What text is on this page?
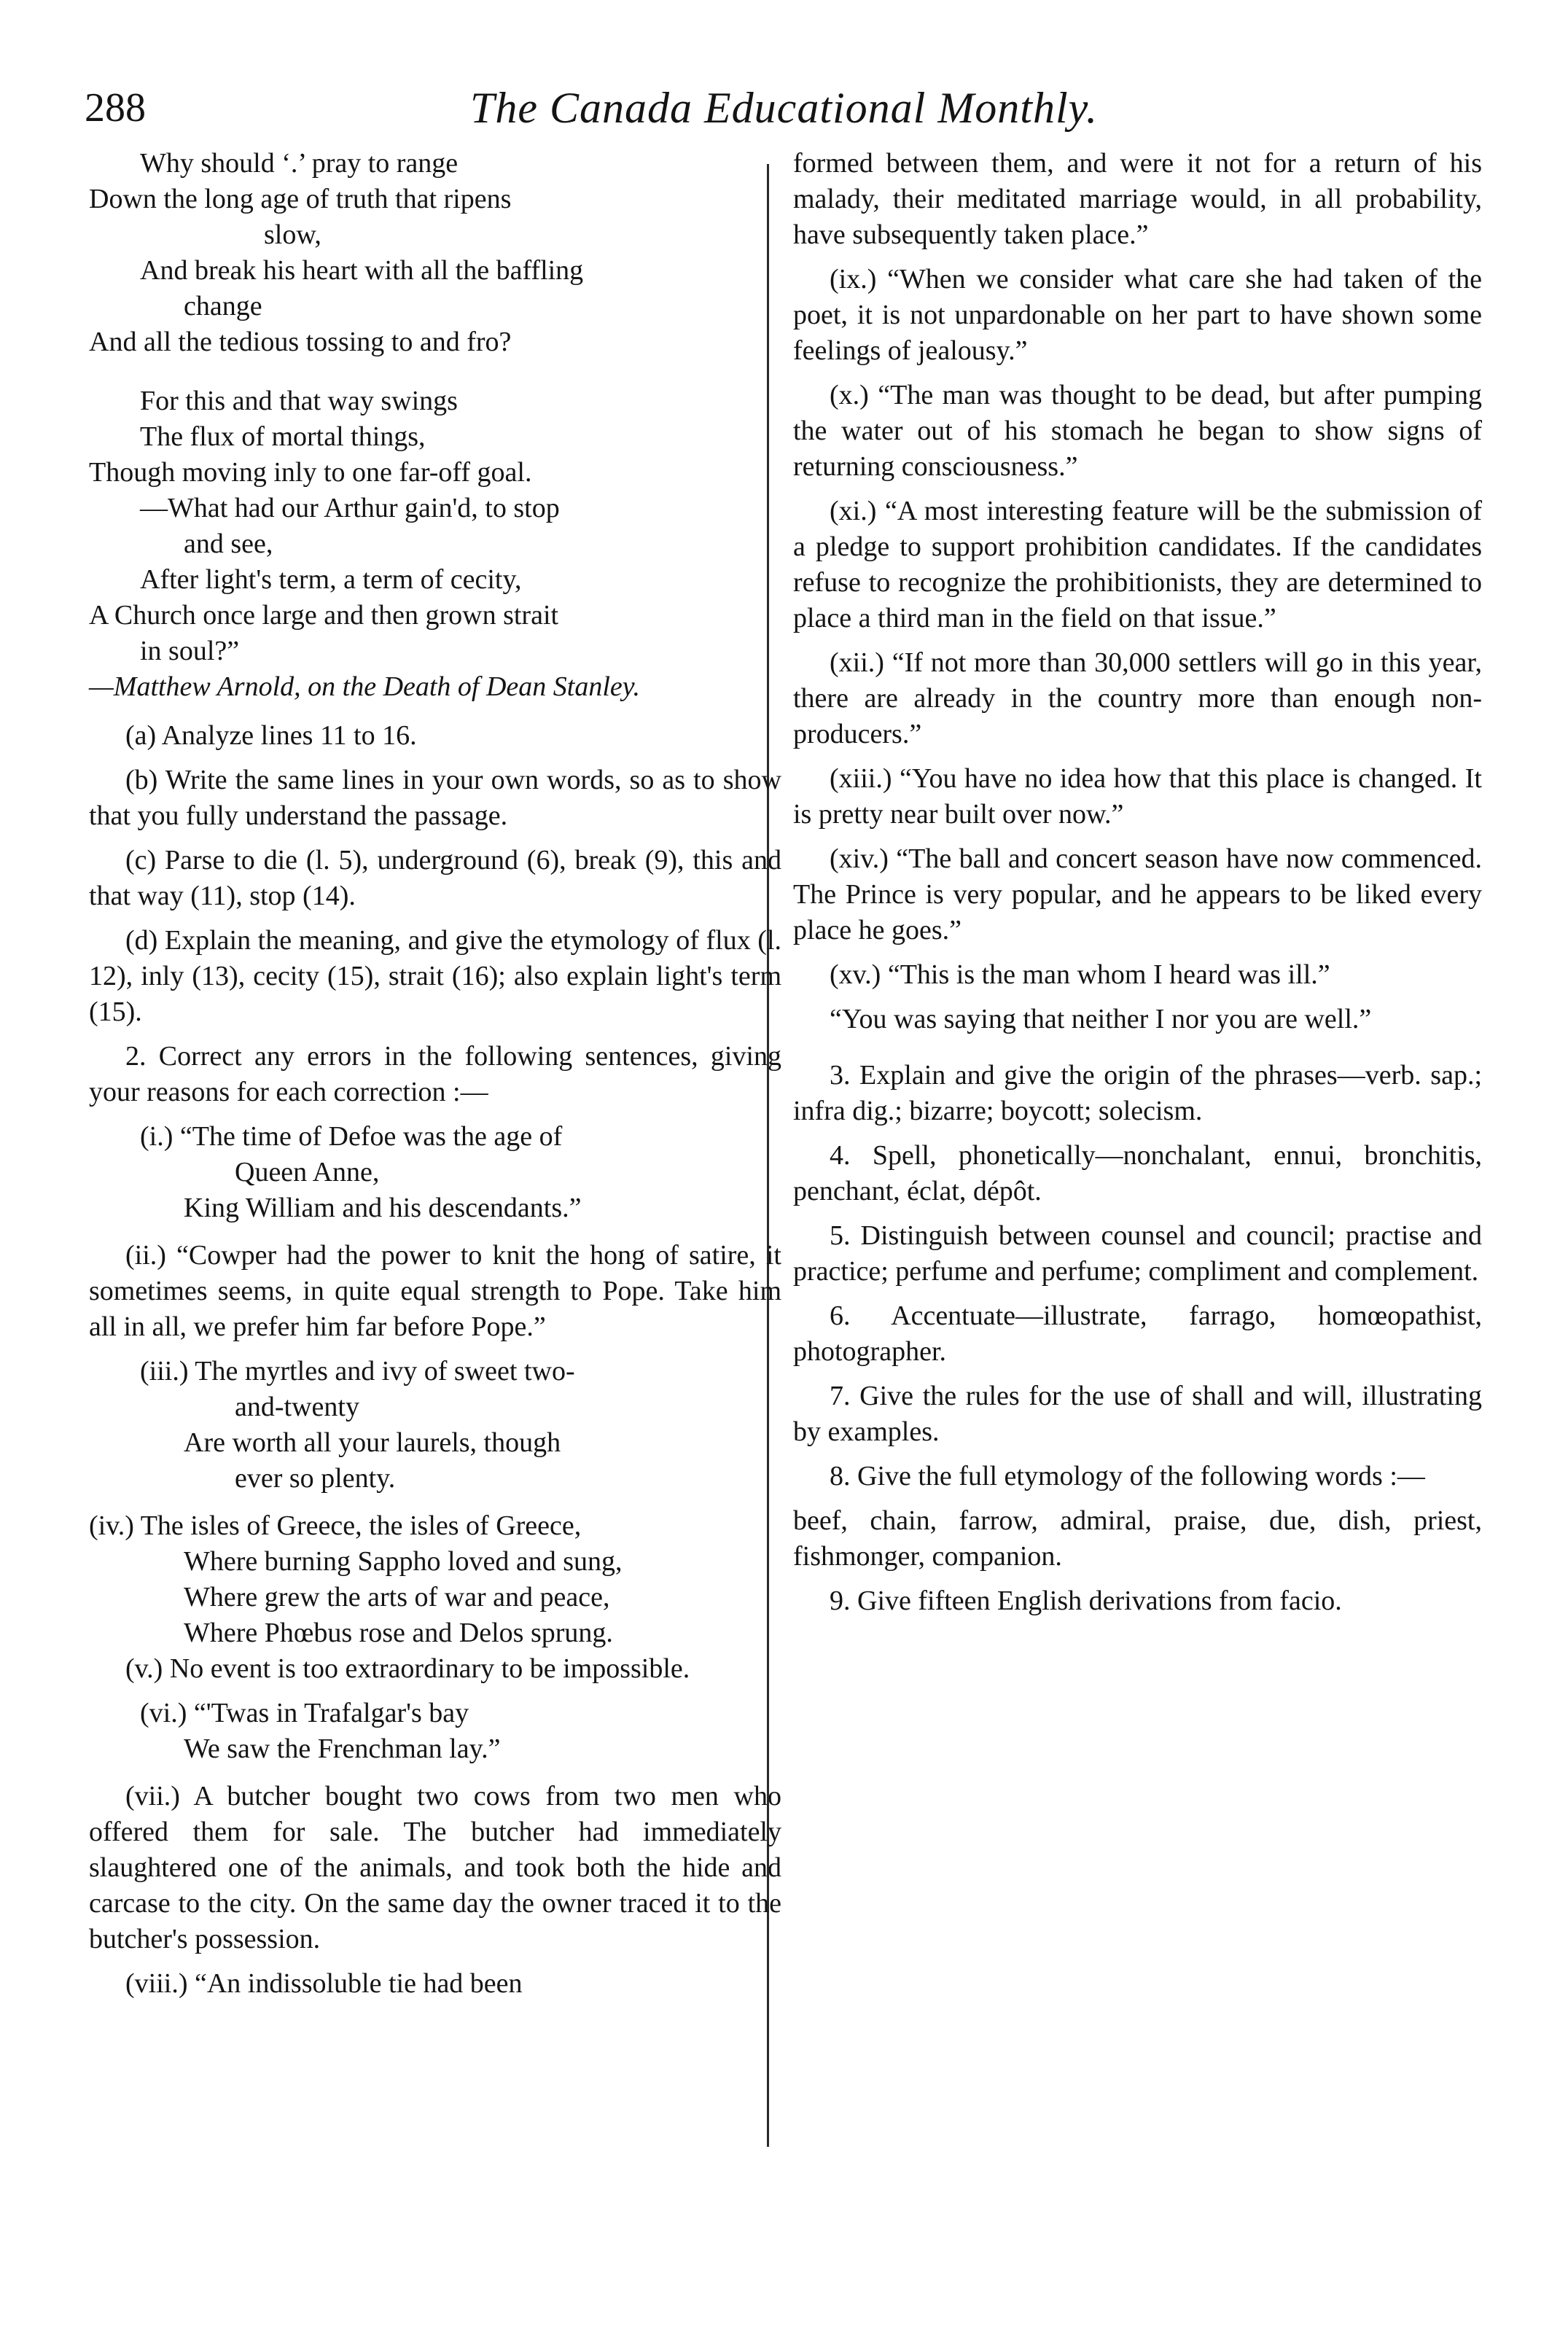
288	The Canada Educational Monthly.

Why should ‘.’ pray to range

Down the long age of truth that ripens

slow,

And break his heart with all the baffling

change

And all the tedious tossing to and fro?

For this and that way swings

The flux of mortal things,

Though moving inly to one far-off goal.

—What had our Arthur gain'd, to stop

and see,

After light's term, a term of cecity,

A Church once large and then grown strait

in soul?”

—Matthew Arnold, on the Death of Dean Stanley.

(a) Analyze lines 11 to 16.

(b) Write the same lines in your own words, so as to show that you fully understand the passage.

(c) Parse to die (l. 5), underground (6), break (9), this and that way (11), stop (14).

(d) Explain the meaning, and give the etymology of flux (l. 12), inly (13), cecity (15), strait (16); also explain light's term (15).

2. Correct any errors in the following sentences, giving your reasons for each correction :—

(i.) “The time of Defoe was the age of

Queen Anne,

King William and his descendants.”

(ii.) “Cowper had the power to knit the hong of satire, it sometimes seems, in quite equal strength to Pope. Take him all in all, we prefer him far before Pope.”

(iii.) The myrtles and ivy of sweet two-

and-twenty

Are worth all your laurels, though

ever so plenty.

(iv.) The isles of Greece, the isles of Greece,

Where burning Sappho loved and sung,

Where grew the arts of war and peace,

Where Phœbus rose and Delos sprung.

(v.) No event is too extraordinary to be impossible.

(vi.) “'Twas in Trafalgar's bay

We saw the Frenchman lay.”

(vii.) A butcher bought two cows from two men who offered them for sale. The butcher had immediately slaughtered one of the animals, and took both the hide and carcase to the city. On the same day the owner traced it to the butcher's possession.

(viii.) “An indissoluble tie had been

formed between them, and were it not for a return of his malady, their meditated marriage would, in all probability, have subsequently taken place.”

(ix.) “When we consider what care she had taken of the poet, it is not unpardonable on her part to have shown some feelings of jealousy.”

(x.) “The man was thought to be dead, but after pumping the water out of his stomach he began to show signs of returning consciousness.”

(xi.) “A most interesting feature will be the submission of a pledge to support prohibition candidates. If the candidates refuse to recognize the prohibitionists, they are determined to place a third man in the field on that issue.”

(xii.) “If not more than 30,000 settlers will go in this year, there are already in the country more than enough non-producers.”

(xiii.) “You have no idea how that this place is changed. It is pretty near built over now.”

(xiv.) “The ball and concert season have now commenced. The Prince is very popular, and he appears to be liked every place he goes.”

(xv.) “This is the man whom I heard was ill.”

“You was saying that neither I nor you are well.”

3. Explain and give the origin of the phrases—verb. sap.; infra dig.; bizarre; boycott; solecism.

4. Spell, phonetically—nonchalant, ennui, bronchitis, penchant, éclat, dépôt.

5. Distinguish between counsel and council; practise and practice; perfume and perfume; compliment and complement.

6. Accentuate—illustrate, farrago, homœopathist, photographer.

7. Give the rules for the use of shall and will, illustrating by examples.

8. Give the full etymology of the following words :—

beef, chain, farrow, admiral, praise, due, dish, priest, fishmonger, companion.

9. Give fifteen English derivations from facio.
